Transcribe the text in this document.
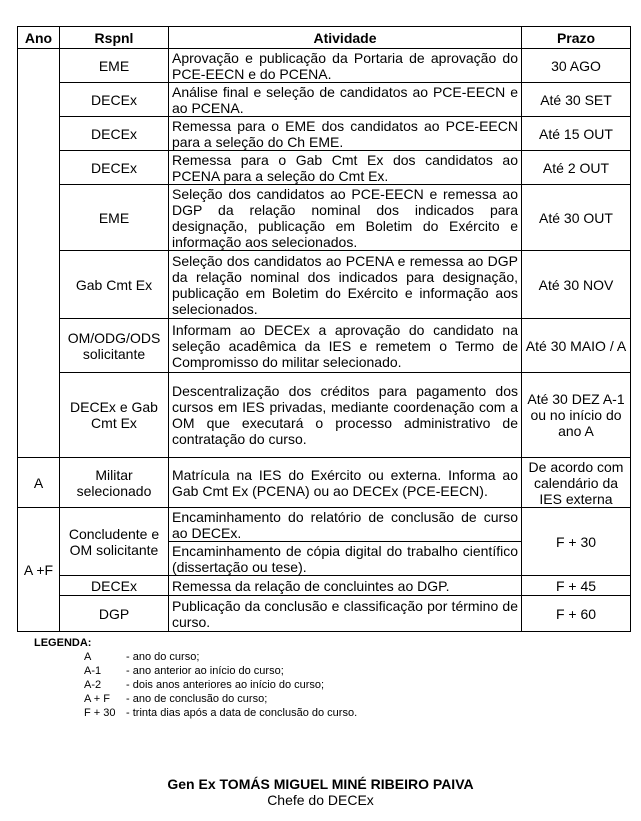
Ano	Rspnl	Atividade	Prazo
	EME	Aprovação e publicação da Portaria de aprovação do PCE-EECN e do PCENA.	30 AGO
	DECEx	Análise final e seleção de candidatos ao PCE-EECN e ao PCENA.	Até 30 SET
	DECEx	Remessa para o EME dos candidatos ao PCE-EECN para a seleção do Ch EME.	Até 15 OUT
	DECEx	Remessa para o Gab Cmt Ex dos candidatos ao PCENA para a seleção do Cmt Ex.	Até 2 OUT
	EME	Seleção dos candidatos ao PCE-EECN e remessa ao DGP da relação nominal dos indicados para designação, publicação em Boletim do Exército e informação aos selecionados.	Até 30 OUT
	Gab Cmt Ex	Seleção dos candidatos ao PCENA e remessa ao DGP da relação nominal dos indicados para designação, publicação em Boletim do Exército e informação aos selecionados.	Até 30 NOV
	OM/ODG/ODS solicitante	Informam ao DECEx a aprovação do candidato na seleção acadêmica da IES e remetem o Termo de Compromisso do militar selecionado.	Até 30 MAIO / A
	DECEx e Gab Cmt Ex	Descentralização dos créditos para pagamento dos cursos em IES privadas, mediante coordenação com a OM que executará o processo administrativo de contratação do curso.	Até 30 DEZ A-1 ou no início do ano A
A	Militar selecionado	Matrícula na IES do Exército ou externa. Informa ao Gab Cmt Ex (PCENA) ou ao DECEx (PCE-EECN).	De acordo com calendário da IES externa
A +F	Concludente e OM solicitante	Encaminhamento do relatório de conclusão de curso ao DECEx.	F + 30
		Encaminhamento de cópia digital do trabalho científico (dissertação ou tese).	
	DECEx	Remessa da relação de concluintes ao DGP.	F + 45
	DGP	Publicação da conclusão e classificação por término de curso.	F + 60
LEGENDA:
A	- ano do curso;
A-1	- ano anterior ao início do curso;
A-2	- dois anos anteriores ao início do curso;
A + F	- ano de conclusão do curso;
F + 30 - trinta dias após a data de conclusão do curso.
Gen Ex TOMÁS MIGUEL MINÉ RIBEIRO PAIVA
Chefe do DECEx
